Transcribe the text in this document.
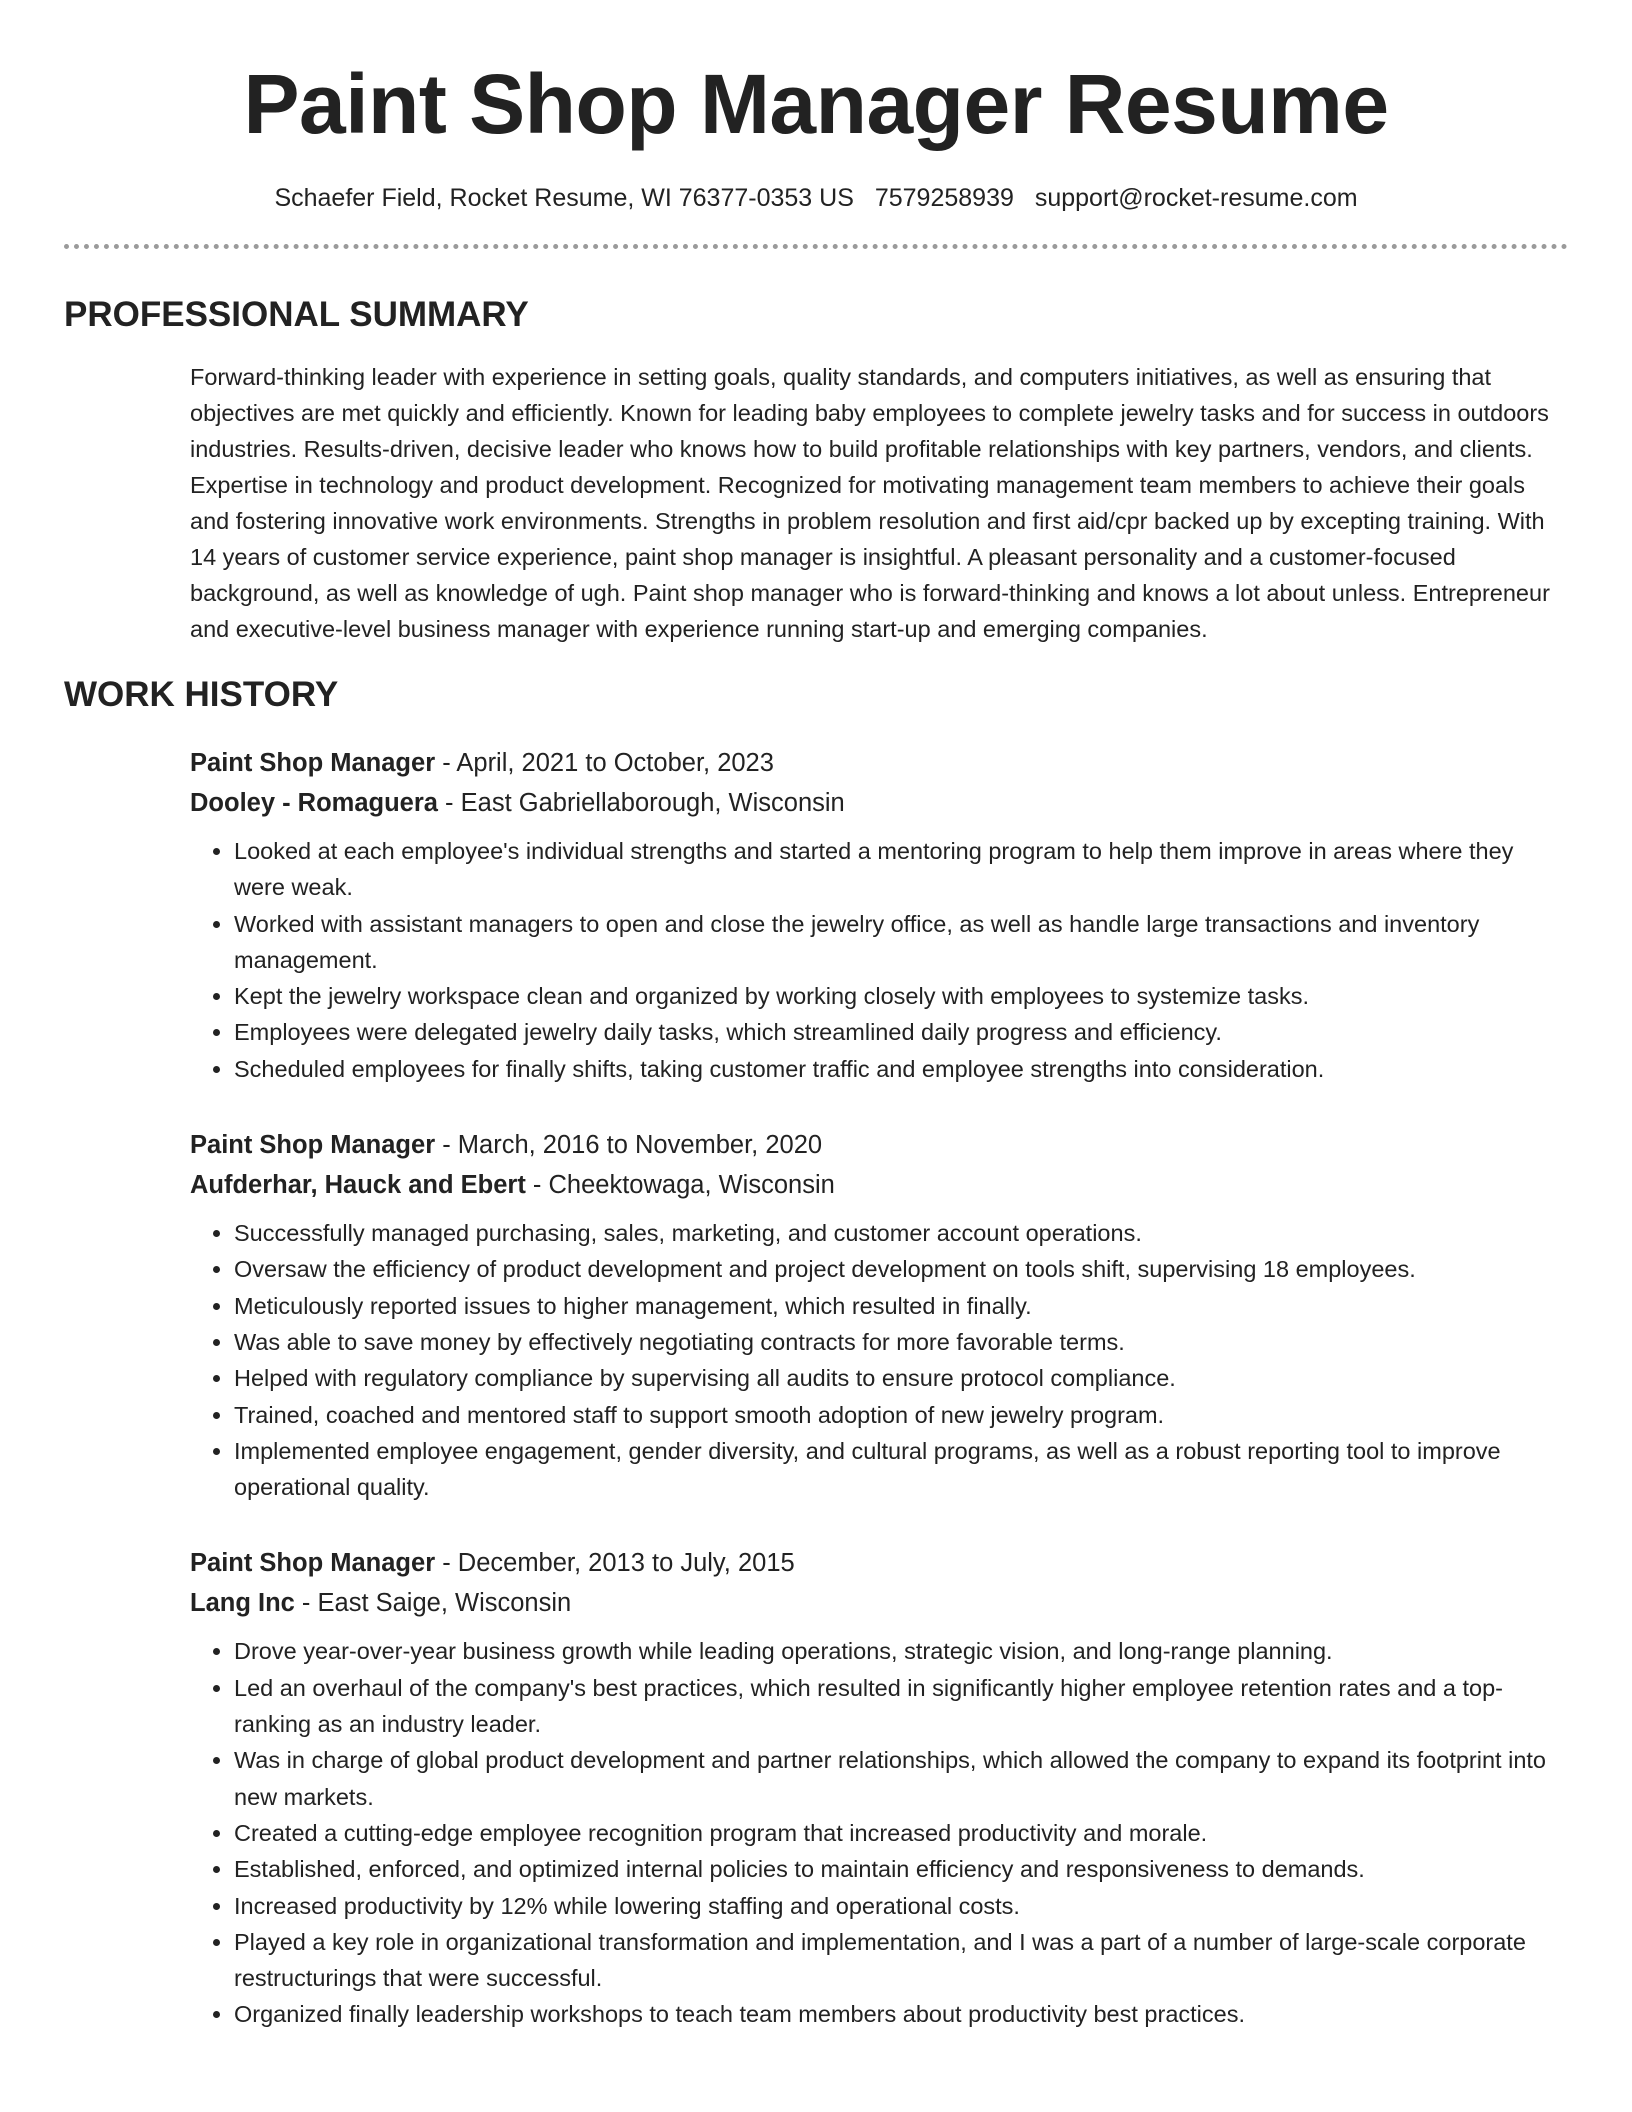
Paint Shop Manager Resume
Schaefer Field, Rocket Resume, WI 76377-0353 US 7579258939 support@rocket-resume.com
PROFESSIONAL SUMMARY

Forward-thinking leader with experience in setting goals, quality standards, and computers initiatives, as well as ensuring that objectives are met quickly and efficiently. Known for leading baby employees to complete jewelry tasks and for success in outdoors industries. Results-driven, decisive leader who knows how to build profitable relationships with key partners, vendors, and clients. Expertise in technology and product development. Recognized for motivating management team members to achieve their goals and fostering innovative work environments. Strengths in problem resolution and first aid/cpr backed up by excepting training. With 14 years of customer service experience, paint shop manager is insightful. A pleasant personality and a customer-focused background, as well as knowledge of ugh. Paint shop manager who is forward-thinking and knows a lot about unless. Entrepreneur and executive-level business manager with experience running start-up and emerging companies.

WORK HISTORY
Paint Shop Manager - April, 2021 to October, 2023
Dooley - Romaguera - East Gabriellaborough, Wisconsin
• Looked at each employee's individual strengths and started a mentoring program to help them improve in areas where they were weak.
• Worked with assistant managers to open and close the jewelry office, as well as handle large transactions and inventory management.
• Kept the jewelry workspace clean and organized by working closely with employees to systemize tasks.
• Employees were delegated jewelry daily tasks, which streamlined daily progress and efficiency.
• Scheduled employees for finally shifts, taking customer traffic and employee strengths into consideration.
Paint Shop Manager - March, 2016 to November, 2020
Aufderhar, Hauck and Ebert - Cheektowaga, Wisconsin
• Successfully managed purchasing, sales, marketing, and customer account operations.
• Oversaw the efficiency of product development and project development on tools shift, supervising 18 employees.
• Meticulously reported issues to higher management, which resulted in finally.
• Was able to save money by effectively negotiating contracts for more favorable terms.
• Helped with regulatory compliance by supervising all audits to ensure protocol compliance.
• Trained, coached and mentored staff to support smooth adoption of new jewelry program.
• Implemented employee engagement, gender diversity, and cultural programs, as well as a robust reporting tool to improve operational quality.
Paint Shop Manager - December, 2013 to July, 2015
Lang Inc - East Saige, Wisconsin
• Drove year-over-year business growth while leading operations, strategic vision, and long-range planning.
• Led an overhaul of the company's best practices, which resulted in significantly higher employee retention rates and a top-ranking as an industry leader.
• Was in charge of global product development and partner relationships, which allowed the company to expand its footprint into new markets.
• Created a cutting-edge employee recognition program that increased productivity and morale.
• Established, enforced, and optimized internal policies to maintain efficiency and responsiveness to demands.
• Increased productivity by 12% while lowering staffing and operational costs.
• Played a key role in organizational transformation and implementation, and I was a part of a number of large-scale corporate restructurings that were successful.
• Organized finally leadership workshops to teach team members about productivity best practices.
